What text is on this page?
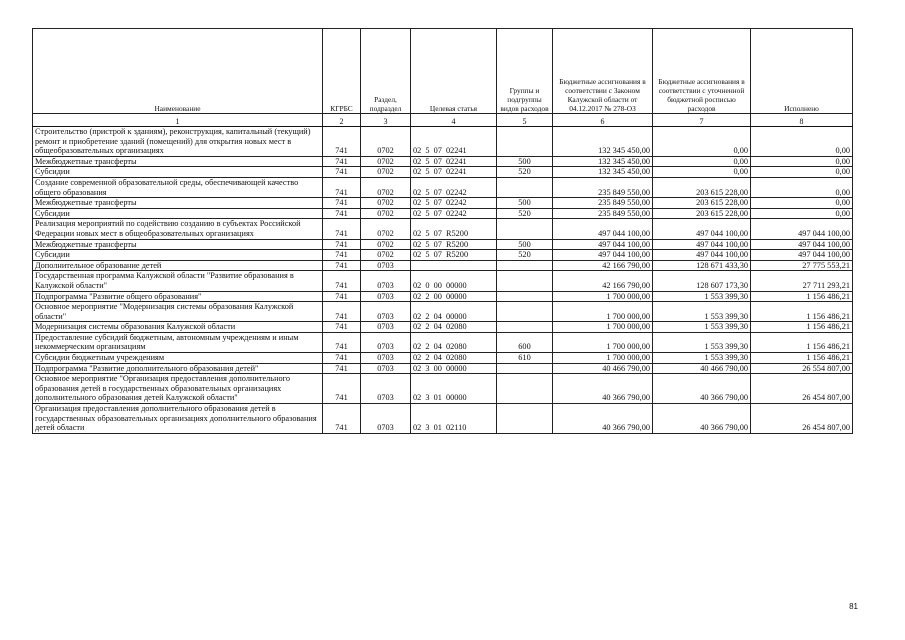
Наименование	КГРБС	Раздел, подраздел	Целевая статья	Группы и подгруппы видов расходов	Бюджетные ассигнования в соответствии с Законом Калужской области от 04.12.2017 № 278-ОЗ	Бюджетные ассигнования в соответствии с уточненной бюджетной росписью расходов	Исполнено
1	2	3	4	5	6	7	8
Строительство (пристрой к зданиям), реконструкция, капитальный (текущий) ремонт и приобретение зданий (помещений) для открытия новых мест в общеобразовательных организациях	741	0702	02 5 07 02241		132 345 450,00	0,00	0,00
Межбюджетные трансферты	741	0702	02 5 07 02241	500	132 345 450,00	0,00	0,00
Субсидии	741	0702	02 5 07 02241	520	132 345 450,00	0,00	0,00
Создание современной образовательной среды, обеспечивающей качество общего образования	741	0702	02 5 07 02242		235 849 550,00	203 615 228,00	0,00
Межбюджетные трансферты	741	0702	02 5 07 02242	500	235 849 550,00	203 615 228,00	0,00
Субсидии	741	0702	02 5 07 02242	520	235 849 550,00	203 615 228,00	0,00
Реализация мероприятий по содействию созданию в субъектах Российской Федерации новых мест в общеобразовательных организациях	741	0702	02 5 07 R5200		497 044 100,00	497 044 100,00	497 044 100,00
Межбюджетные трансферты	741	0702	02 5 07 R5200	500	497 044 100,00	497 044 100,00	497 044 100,00
Субсидии	741	0702	02 5 07 R5200	520	497 044 100,00	497 044 100,00	497 044 100,00
Дополнительное образование детей	741	0703			42 166 790,00	128 671 433,30	27 775 553,21
Государственная программа Калужской области "Развитие образования в Калужской области"	741	0703	02 0 00 00000		42 166 790,00	128 607 173,30	27 711 293,21
Подпрограмма "Развитие общего образования"	741	0703	02 2 00 00000		1 700 000,00	1 553 399,30	1 156 486,21
Основное мероприятие "Модернизация системы образования Калужской области"	741	0703	02 2 04 00000		1 700 000,00	1 553 399,30	1 156 486,21
Модернизация системы образования Калужской области	741	0703	02 2 04 02080		1 700 000,00	1 553 399,30	1 156 486,21
Предоставление субсидий бюджетным, автономным учреждениям и иным некоммерческим организациям	741	0703	02 2 04 02080	600	1 700 000,00	1 553 399,30	1 156 486,21
Субсидии бюджетным учреждениям	741	0703	02 2 04 02080	610	1 700 000,00	1 553 399,30	1 156 486,21
Подпрограмма "Развитие дополнительного образования детей"	741	0703	02 3 00 00000		40 466 790,00	40 466 790,00	26 554 807,00
Основное мероприятие "Организация предоставления дополнительного образования детей в государственных образовательных организациях дополнительного образования детей Калужской области"	741	0703	02 3 01 00000		40 366 790,00	40 366 790,00	26 454 807,00
Организация предоставления дополнительного образования детей в государственных образовательных организациях дополнительного образования детей области	741	0703	02 3 01 02110		40 366 790,00	40 366 790,00	26 454 807,00
81
